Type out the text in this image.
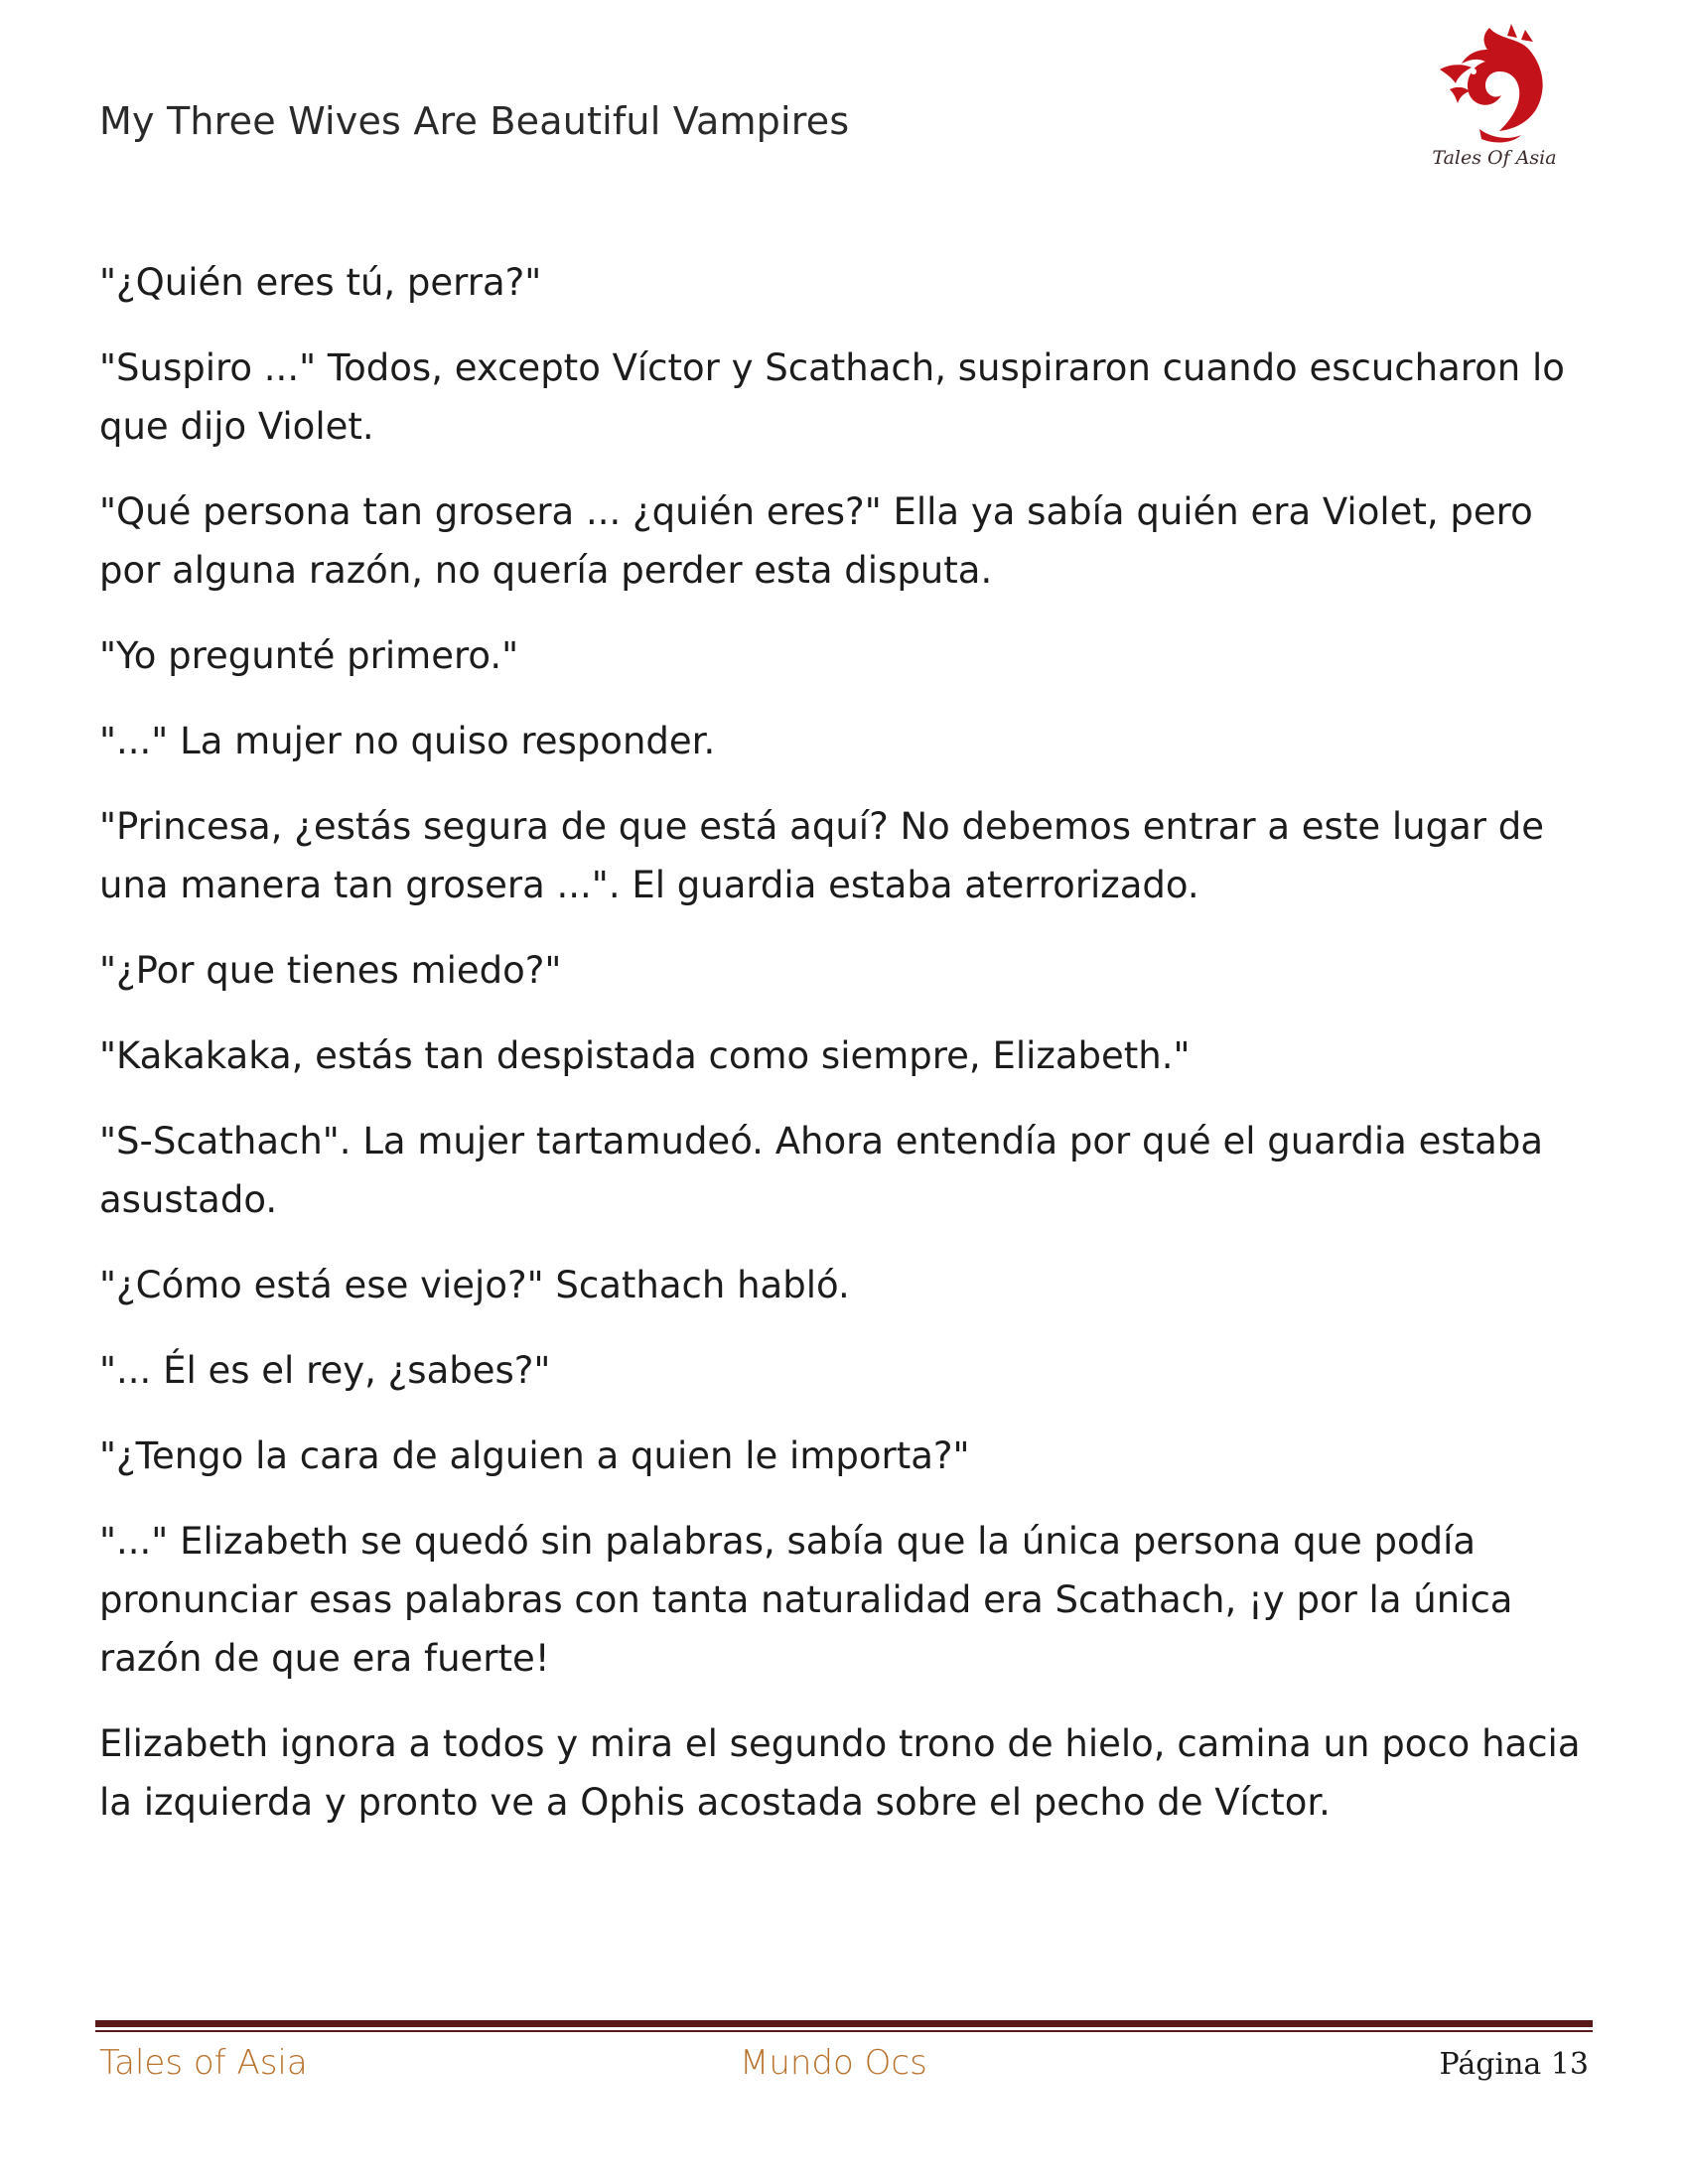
My Three Wives Are Beautiful Vampires
Tales Of Asia

"¿Quién eres tú, perra?"

"Suspiro ..." Todos, excepto Víctor y Scathach, suspiraron cuando escucharon lo que dijo Violet.

"Qué persona tan grosera ... ¿quién eres?" Ella ya sabía quién era Violet, pero por alguna razón, no quería perder esta disputa.

"Yo pregunté primero."

"..." La mujer no quiso responder.

"Princesa, ¿estás segura de que está aquí? No debemos entrar a este lugar de una manera tan grosera ...". El guardia estaba aterrorizado.

"¿Por que tienes miedo?"

"Kakakaka, estás tan despistada como siempre, Elizabeth."

"S-Scathach". La mujer tartamudeó. Ahora entendía por qué el guardia estaba asustado.

"¿Cómo está ese viejo?" Scathach habló.

"... Él es el rey, ¿sabes?"

"¿Tengo la cara de alguien a quien le importa?"

"..." Elizabeth se quedó sin palabras, sabía que la única persona que podía pronunciar esas palabras con tanta naturalidad era Scathach, ¡y por la única razón de que era fuerte!

Elizabeth ignora a todos y mira el segundo trono de hielo, camina un poco hacia la izquierda y pronto ve a Ophis acostada sobre el pecho de Víctor.

Tales of Asia	Mundo Ocs	Página 13
